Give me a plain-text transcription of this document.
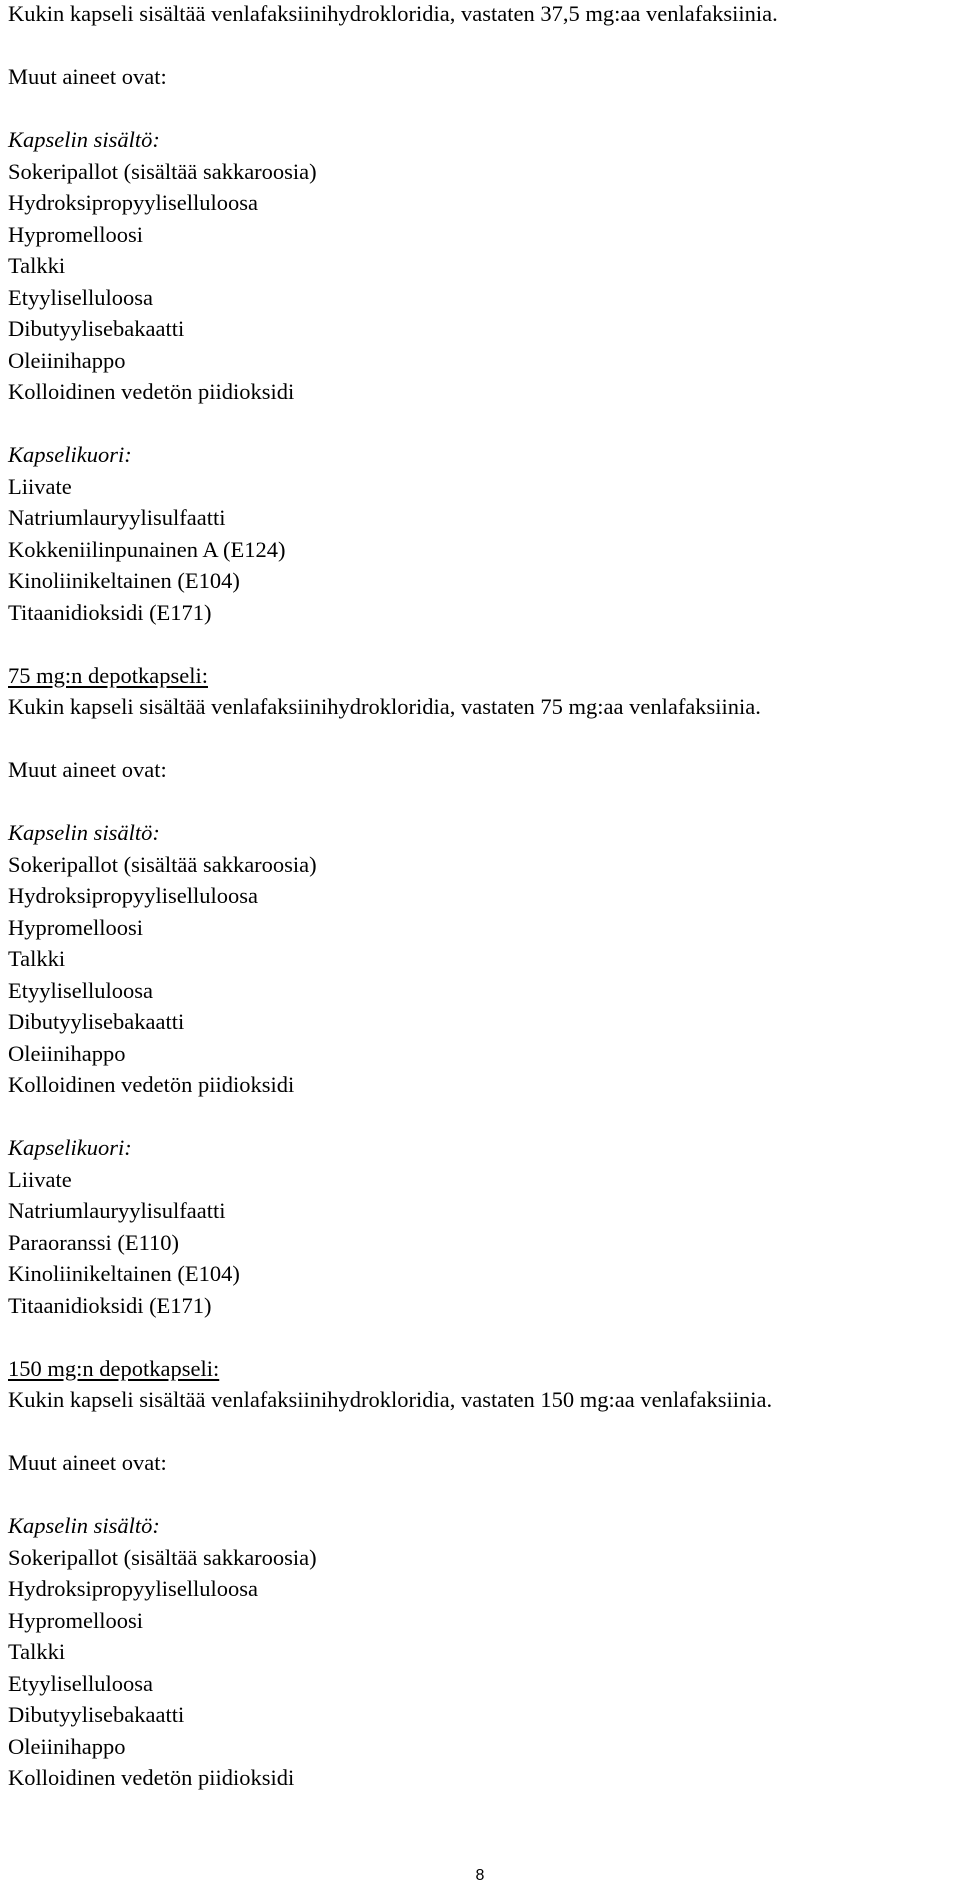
Kukin kapseli sisältää venlafaksiinihydrokloridia, vastaten 37,5 mg:aa venlafaksiinia.
Muut aineet ovat:
Kapselin sisältö:
Sokeripallot (sisältää sakkaroosia)
Hydroksipropyyliselluloosa
Hypromelloosi
Talkki
Etyyliselluloosa
Dibutyylisebakaatti
Oleiinihappo
Kolloidinen vedetön piidioksidi
Kapselikuori:
Liivate
Natriumlauryylisulfaatti
Kokkeniilinpunainen A (E124)
Kinoliinikeltainen (E104)
Titaanidioksidi (E171)
75 mg:n depotkapseli:
Kukin kapseli sisältää venlafaksiinihydrokloridia, vastaten 75 mg:aa venlafaksiinia.
Muut aineet ovat:
Kapselin sisältö:
Sokeripallot (sisältää sakkaroosia)
Hydroksipropyyliselluloosa
Hypromelloosi
Talkki
Etyyliselluloosa
Dibutyylisebakaatti
Oleiinihappo
Kolloidinen vedetön piidioksidi
Kapselikuori:
Liivate
Natriumlauryylisulfaatti
Paraoranssi (E110)
Kinoliinikeltainen (E104)
Titaanidioksidi (E171)
150 mg:n depotkapseli:
Kukin kapseli sisältää venlafaksiinihydrokloridia, vastaten 150 mg:aa venlafaksiinia.
Muut aineet ovat:
Kapselin sisältö:
Sokeripallot (sisältää sakkaroosia)
Hydroksipropyyliselluloosa
Hypromelloosi
Talkki
Etyyliselluloosa
Dibutyylisebakaatti
Oleiinihappo
Kolloidinen vedetön piidioksidi
8
